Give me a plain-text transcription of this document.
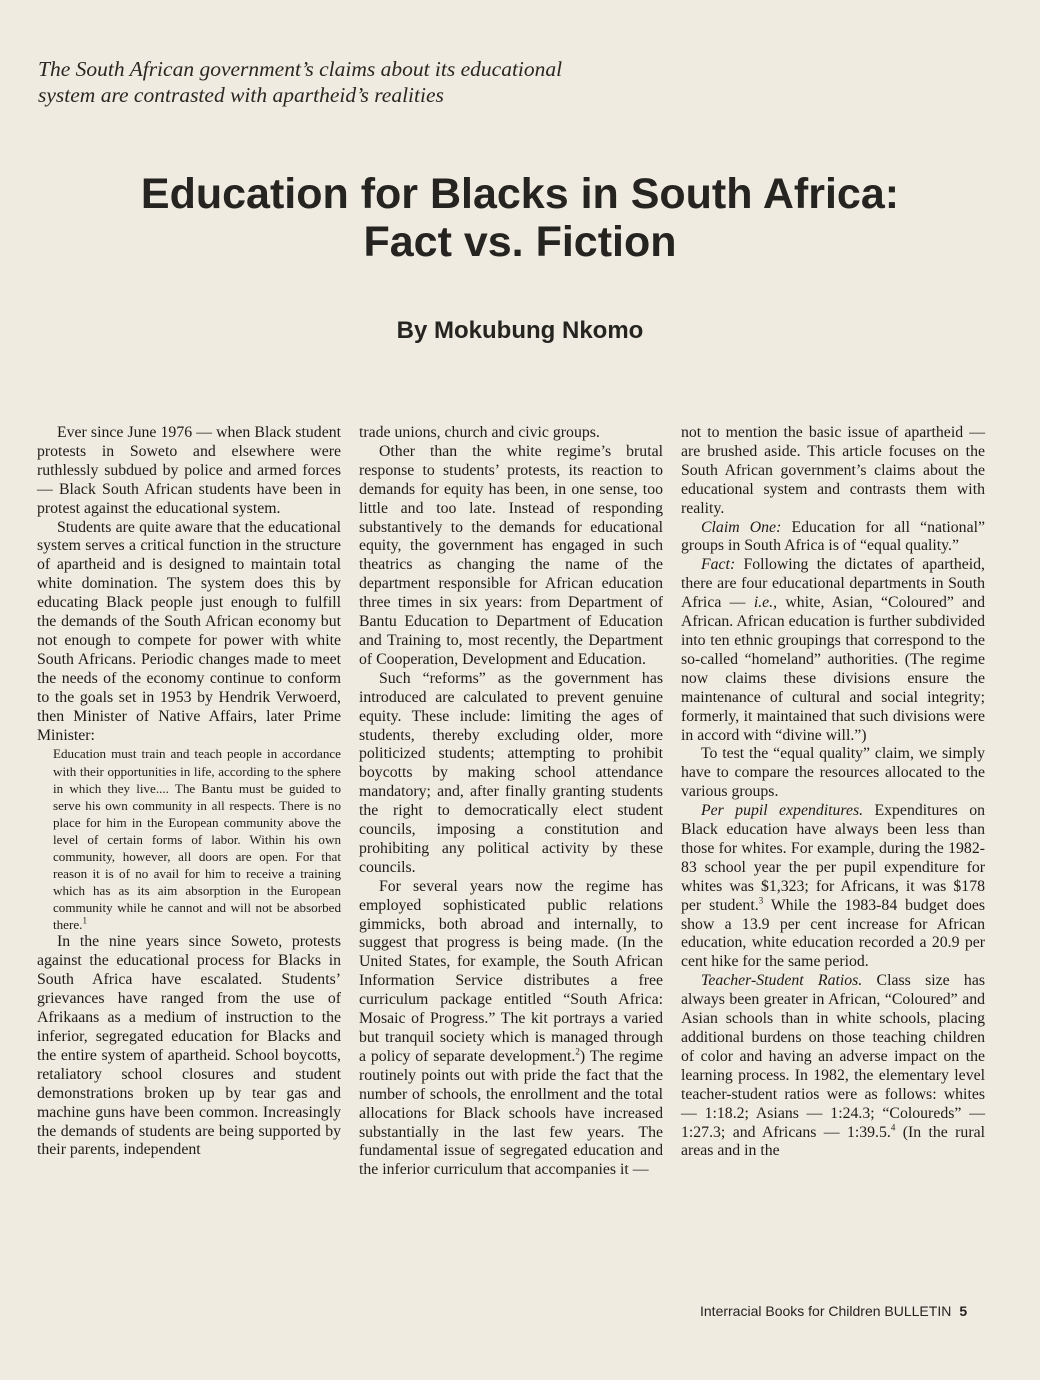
The South African government’s claims about its educational
system are contrasted with apartheid’s realities
Education for Blacks in South Africa:
Fact vs. Fiction
By Mokubung Nkomo

Ever since June 1976 — when Black student protests in Soweto and elsewhere were ruthlessly subdued by police and armed forces — Black South African students have been in protest against the educational system.

Students are quite aware that the educational system serves a critical function in the structure of apartheid and is designed to maintain total white domination. The system does this by educating Black people just enough to fulfill the demands of the South African economy but not enough to compete for power with white South Africans. Periodic changes made to meet the needs of the economy continue to conform to the goals set in 1953 by Hendrik Verwoerd, then Minister of Native Affairs, later Prime Minister:

Education must train and teach people in accordance with their opportunities in life, according to the sphere in which they live.... The Bantu must be guided to serve his own community in all respects. There is no place for him in the European community above the level of certain forms of labor. Within his own community, however, all doors are open. For that reason it is of no avail for him to receive a training which has as its aim absorption in the European community while he cannot and will not be absorbed there.$^1$

In the nine years since Soweto, protests against the educational process for Blacks in South Africa have escalated. Students’ grievances have ranged from the use of Afrikaans as a medium of instruction to the inferior, segregated education for Blacks and the entire system of apartheid. School boycotts, retaliatory school closures and student demonstrations broken up by tear gas and machine guns have been common. Increasingly the demands of students are being supported by their parents, independent

trade unions, church and civic groups.

Other than the white regime’s brutal response to students’ protests, its reaction to demands for equity has been, in one sense, too little and too late. Instead of responding substantively to the demands for educational equity, the government has engaged in such theatrics as changing the name of the department responsible for African education three times in six years: from Department of Bantu Education to Department of Education and Training to, most recently, the Department of Cooperation, Development and Education.

Such “reforms” as the government has introduced are calculated to prevent genuine equity. These include: limiting the ages of students, thereby excluding older, more politicized students; attempting to prohibit boycotts by making school attendance mandatory; and, after finally granting students the right to democratically elect student councils, imposing a constitution and prohibiting any political activity by these councils.

For several years now the regime has employed sophisticated public relations gimmicks, both abroad and internally, to suggest that progress is being made. (In the United States, for example, the South African Information Service distributes a free curriculum package entitled “South Africa: Mosaic of Progress.” The kit portrays a varied but tranquil society which is managed through a policy of separate development.$^2$) The regime routinely points out with pride the fact that the number of schools, the enrollment and the total allocations for Black schools have increased substantially in the last few years. The fundamental issue of segregated education and the inferior curriculum that accompanies it —

not to mention the basic issue of apartheid — are brushed aside. This article focuses on the South African government’s claims about the educational system and contrasts them with reality.

Claim One: Education for all “national” groups in South Africa is of “equal quality.”

Fact: Following the dictates of apartheid, there are four educational departments in South Africa — i.e., white, Asian, “Coloured” and African. African education is further subdivided into ten ethnic groupings that correspond to the so-called “homeland” authorities. (The regime now claims these divisions ensure the maintenance of cultural and social integrity; formerly, it maintained that such divisions were in accord with “divine will.”)

To test the “equal quality” claim, we simply have to compare the resources allocated to the various groups.

Per pupil expenditures. Expenditures on Black education have always been less than those for whites. For example, during the 1982-83 school year the per pupil expenditure for whites was $1,323; for Africans, it was $178 per student.$^3$ While the 1983-84 budget does show a 13.9 per cent increase for African education, white education recorded a 20.9 per cent hike for the same period.

Teacher-Student Ratios. Class size has always been greater in African, “Coloured” and Asian schools than in white schools, placing additional burdens on those teaching children of color and having an adverse impact on the learning process. In 1982, the elementary level teacher-student ratios were as follows: whites — 1:18.2; Asians — 1:24.3; “Coloureds” — 1:27.3; and Africans — 1:39.5.$^4$ (In the rural areas and in the

Interracial Books for Children BULLETIN 5
